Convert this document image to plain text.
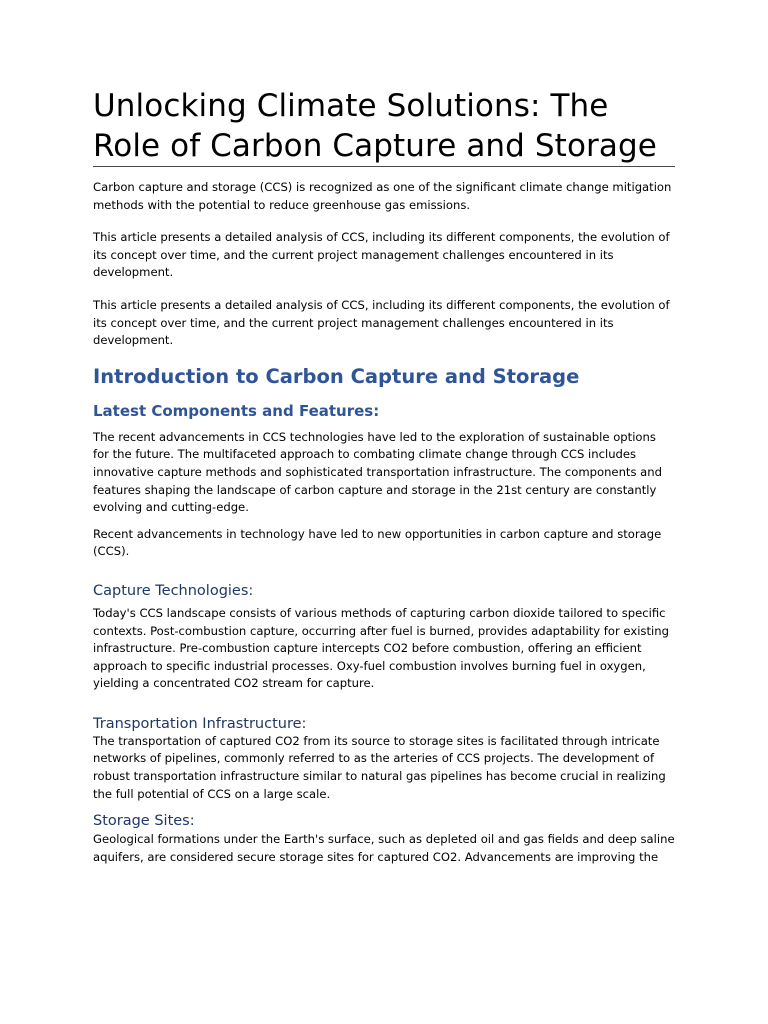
Unlocking Climate Solutions: The Role of Carbon Capture and Storage

Carbon capture and storage (CCS) is recognized as one of the significant climate change mitigation methods with the potential to reduce greenhouse gas emissions.

This article presents a detailed analysis of CCS, including its different components, the evolution of its concept over time, and the current project management challenges encountered in its development.

This article presents a detailed analysis of CCS, including its different components, the evolution of its concept over time, and the current project management challenges encountered in its development.

Introduction to Carbon Capture and Storage
Latest Components and Features:

The recent advancements in CCS technologies have led to the exploration of sustainable options for the future. The multifaceted approach to combating climate change through CCS includes innovative capture methods and sophisticated transportation infrastructure. The components and features shaping the landscape of carbon capture and storage in the 21st century are constantly evolving and cutting-edge.

Recent advancements in technology have led to new opportunities in carbon capture and storage (CCS).

Capture Technologies:

Today's CCS landscape consists of various methods of capturing carbon dioxide tailored to specific contexts. Post-combustion capture, occurring after fuel is burned, provides adaptability for existing infrastructure. Pre-combustion capture intercepts CO2 before combustion, offering an efficient approach to specific industrial processes. Oxy-fuel combustion involves burning fuel in oxygen, yielding a concentrated CO2 stream for capture.

Transportation Infrastructure:

The transportation of captured CO2 from its source to storage sites is facilitated through intricate networks of pipelines, commonly referred to as the arteries of CCS projects. The development of robust transportation infrastructure similar to natural gas pipelines has become crucial in realizing the full potential of CCS on a large scale.

Storage Sites:

Geological formations under the Earth's surface, such as depleted oil and gas fields and deep saline aquifers, are considered secure storage sites for captured CO2. Advancements are improving the
